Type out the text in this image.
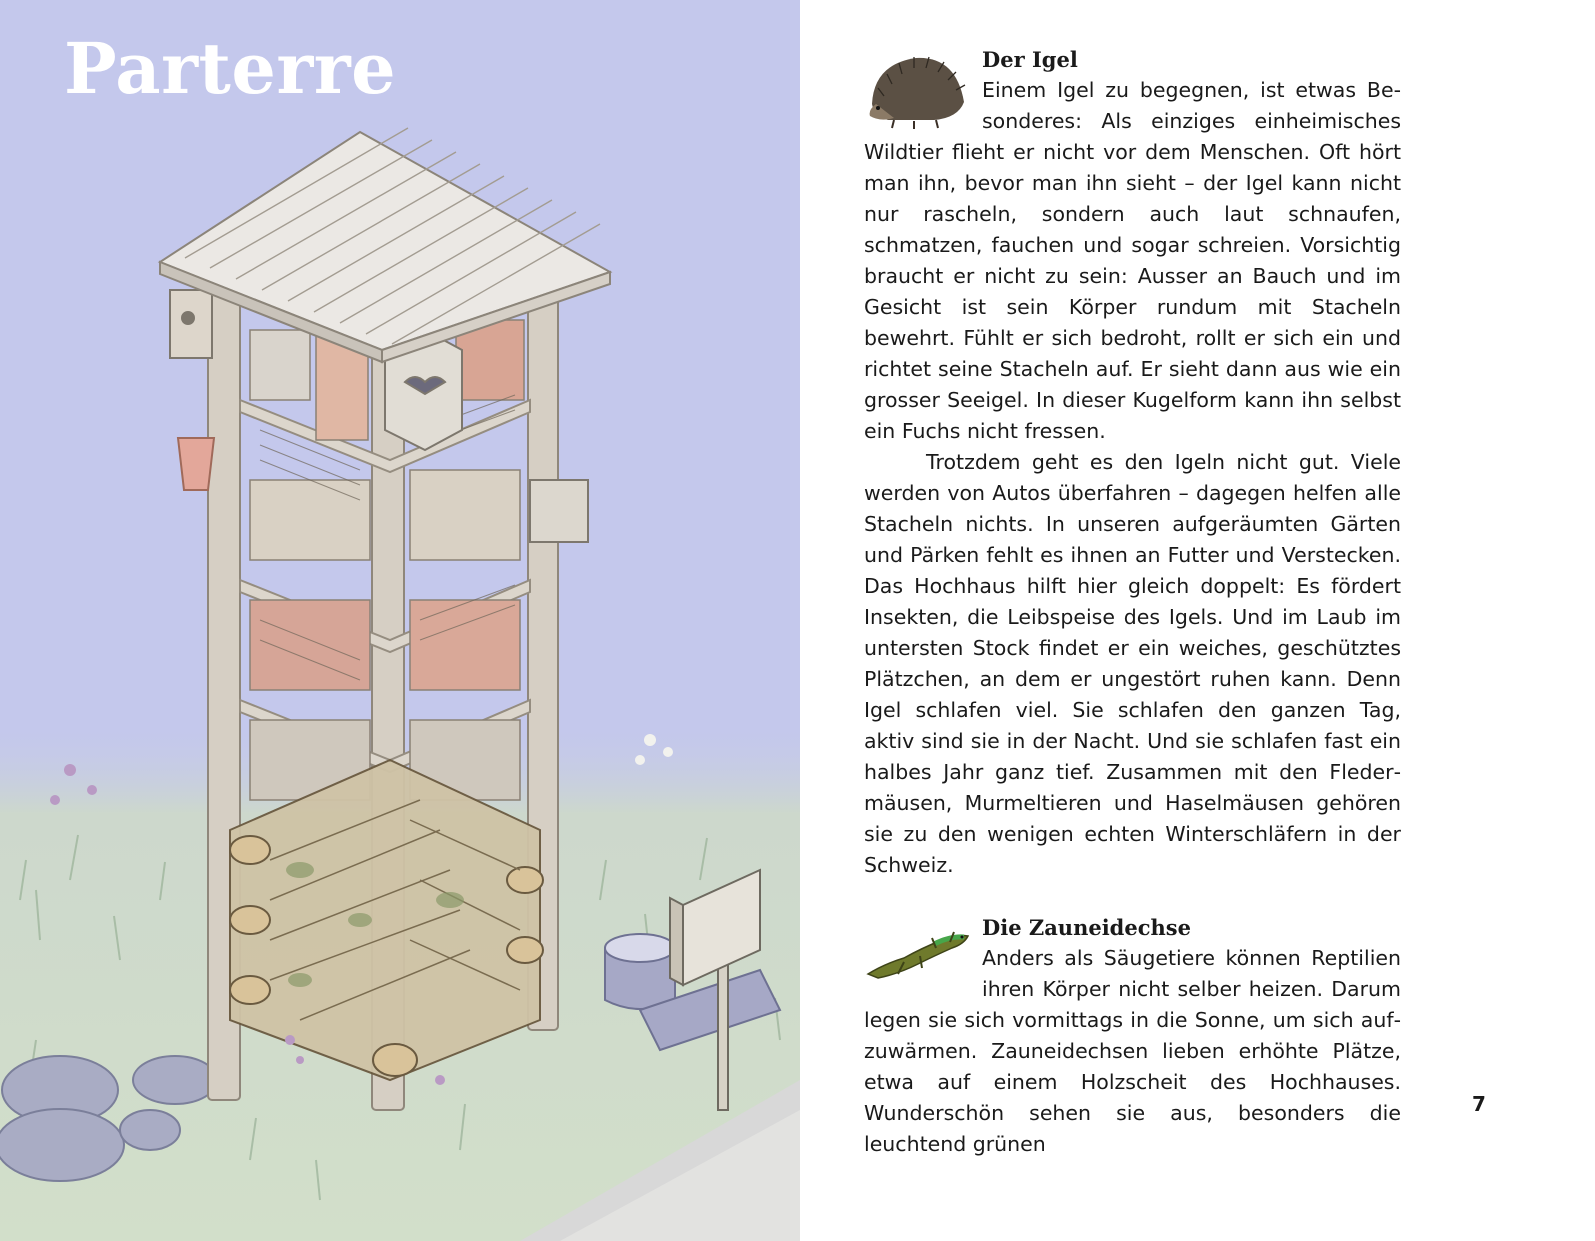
Parterre	Der Igel

Einem Igel zu begegnen, ist etwas Besonderes: Als einziges einheimisches Wildtier flieht er nicht vor dem Menschen. Oft hört man ihn, bevor man ihn sieht – der Igel kann nicht nur rascheln, sondern auch laut schnaufen, schmatzen, fauchen und sogar schreien. Vorsichtig braucht er nicht zu sein: Ausser an Bauch und im Gesicht ist sein Körper rundum mit Stacheln bewehrt. Fühlt er sich bedroht, rollt er sich ein und richtet seine Stacheln auf. Er sieht dann aus wie ein grosser Seeigel. In dieser Kugelform kann ihn selbst ein Fuchs nicht fressen.

Trotzdem geht es den Igeln nicht gut. Viele werden von Autos überfahren – dagegen helfen alle Stacheln nichts. In unseren aufgeräumten Gärten und Pärken fehlt es ihnen an Futter und Verstecken. Das Hochhaus hilft hier gleich doppelt: Es fördert Insekten, die Leibspeise des Igels. Und im Laub im untersten Stock findet er ein weiches, geschütztes Plätzchen, an dem er ungestört ruhen kann. Denn Igel schlafen viel. Sie schlafen den ganzen Tag, aktiv sind sie in der Nacht. Und sie schlafen fast ein halbes Jahr ganz tief. Zusammen mit den Fledermäusen, Murmeltieren und Haselmäusen gehören sie zu den wenigen echten Winterschläfern in der Schweiz.

Die Zauneidechse

Anders als Säugetiere können Reptilien ihren Körper nicht selber heizen. Darum legen sie sich vormittags in die Sonne, um sich aufzuwärmen. Zauneidechsen lieben erhöhte Plätze, etwa auf einem Holzscheit des Hochhauses. Wunderschön sehen sie aus, besonders die leuchtend grünen

7
